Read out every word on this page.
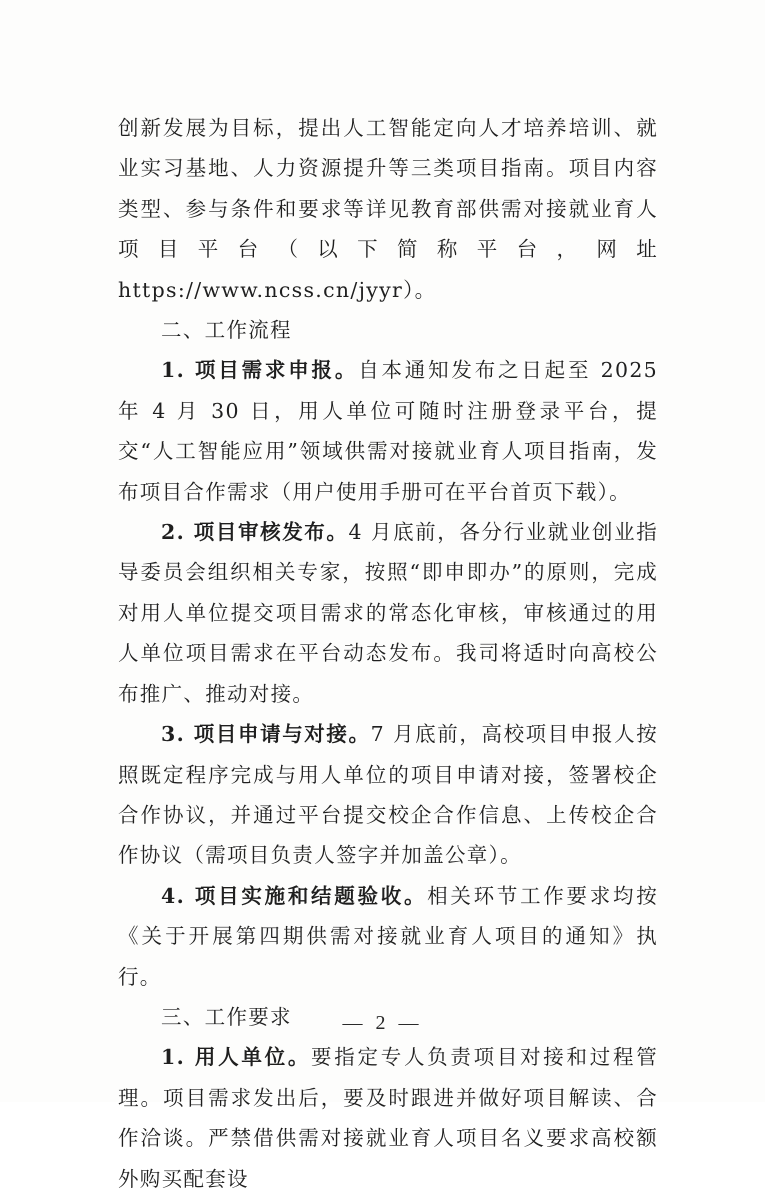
创新发展为目标，提出人工智能定向人才培养培训、就业实习基地、人力资源提升等三类项目指南。项目内容类型、参与条件和要求等详见教育部供需对接就业育人项目平台（以下简称平台，网址 https://www.ncss.cn/jyyr）。

二、工作流程

1. 项目需求申报。自本通知发布之日起至 2025 年 4 月 30 日，用人单位可随时注册登录平台，提交“人工智能应用”领域供需对接就业育人项目指南，发布项目合作需求（用户使用手册可在平台首页下载）。

2. 项目审核发布。4 月底前，各分行业就业创业指导委员会组织相关专家，按照“即申即办”的原则，完成对用人单位提交项目需求的常态化审核，审核通过的用人单位项目需求在平台动态发布。我司将适时向高校公布推广、推动对接。

3. 项目申请与对接。7 月底前，高校项目申报人按照既定程序完成与用人单位的项目申请对接，签署校企合作协议，并通过平台提交校企合作信息、上传校企合作协议（需项目负责人签字并加盖公章）。

4. 项目实施和结题验收。相关环节工作要求均按《关于开展第四期供需对接就业育人项目的通知》执行。

三、工作要求

1. 用人单位。要指定专人负责项目对接和过程管理。项目需求发出后，要及时跟进并做好项目解读、合作洽谈。严禁借供需对接就业育人项目名义要求高校额外购买配套设

— 2 —
